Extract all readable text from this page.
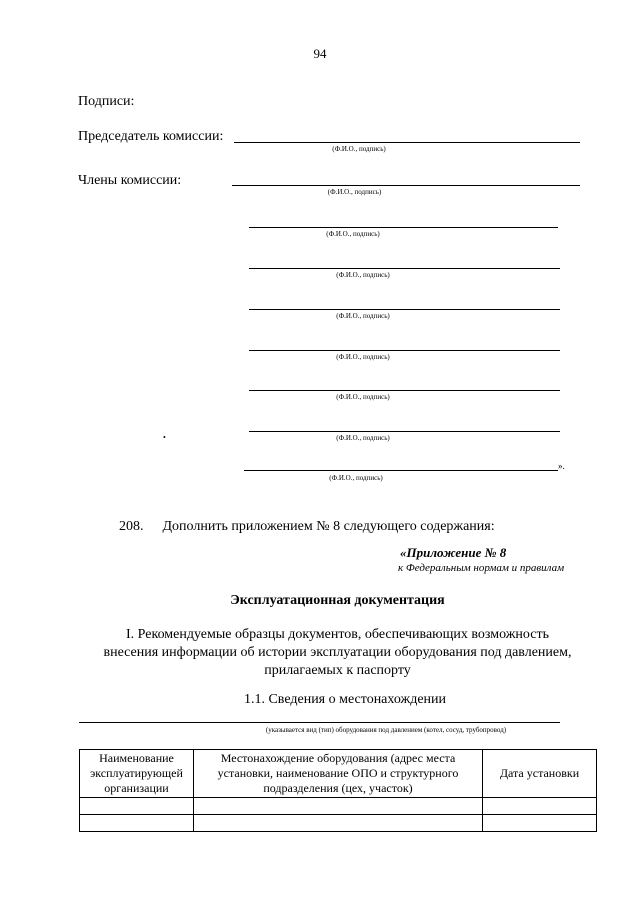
94
Подписи:
Председатель комиссии:
(Ф.И.О., подпись)
Члены комиссии:
(Ф.И.О., подпись)
(Ф.И.О., подпись)
(Ф.И.О., подпись)
(Ф.И.О., подпись)
(Ф.И.О., подпись)
(Ф.И.О., подпись)
•	(Ф.И.О., подпись)
».
(Ф.И.О., подпись)
208. Дополнить приложением № 8 следующего содержания:
«Приложение № 8
к Федеральным нормам и правилам
Эксплуатационная документация
I. Рекомендуемые образцы документов, обеспечивающих возможность внесения информации об истории эксплуатации оборудования под давлением, прилагаемых к паспорту
1.1. Сведения о местонахождении
(указывается вид (тип) оборудования под давлением (котел, сосуд, трубопровод)
Наименование эксплуатирующей организации	Местонахождение оборудования (адрес места установки, наименование ОПО и структурного подразделения (цех, участок)	Дата установки
